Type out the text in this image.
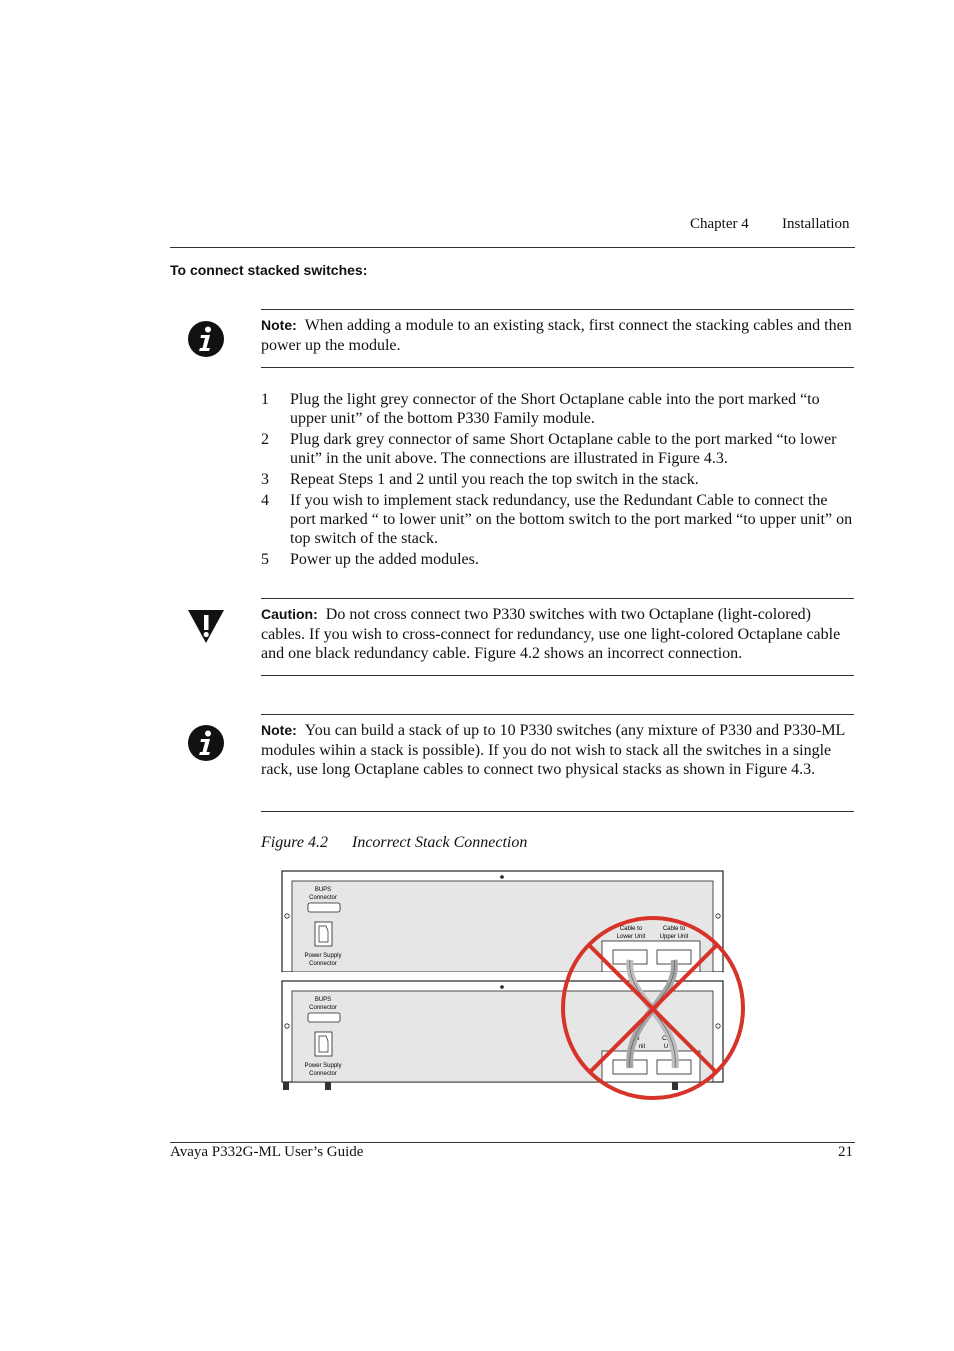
Chapter 4 Installation
To connect stacked switches:
Note: When adding a module to an existing stack, first connect the stacking cables and then power up the module.
1 Plug the light grey connector of the Short Octaplane cable into the port marked “to upper unit” of the bottom P330 Family module.
2 Plug dark grey connector of same Short Octaplane cable to the port marked “to lower unit” in the unit above. The connections are illustrated in Figure 4.3.
3 Repeat Steps 1 and 2 until you reach the top switch in the stack.
4 If you wish to implement stack redundancy, use the Redundant Cable to connect the port marked “ to lower unit” on the bottom switch to the port marked “to upper unit” on top switch of the stack.
5 Power up the added modules.
Caution: Do not cross connect two P330 switches with two Octaplane (light-colored) cables. If you wish to cross-connect for redundancy, use one light-colored Octaplane cable and one black redundancy cable. Figure 4.2 shows an incorrect connection.
Note: You can build a stack of up to 10 P330 switches (any mixture of P330 and P330-ML modules wihin a stack is possible). If you do not wish to stack all the switches in a single rack, use long Octaplane cables to connect two physical stacks as shown in Figure 4.3.
Figure 4.2 Incorrect Stack Connection
BUPS
Connector
Power Supply
Connector
Cable to
Lower Unit
Cable to
Upper Unit
BUPS
Connector
Power Supply
Connector
to
nit
Ca
U
Avaya P332G-ML User’s Guide	21
